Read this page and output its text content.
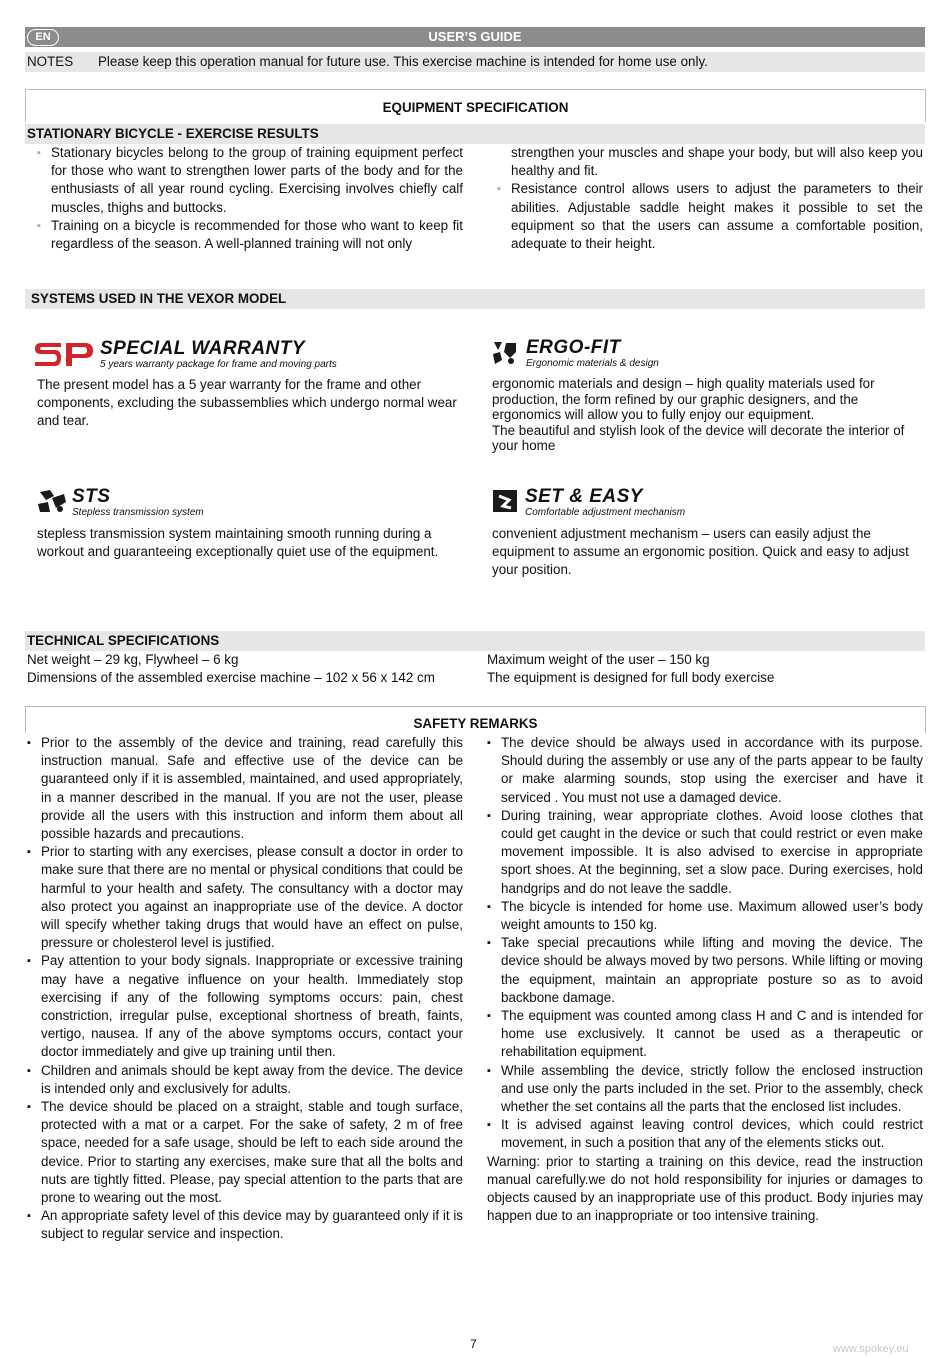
EN	USER’S GUIDE
NOTES Please keep this operation manual for future use. This exercise machine is intended for home use only.
EQUIPMENT SPECIFICATION
STATIONARY BICYCLE - EXERCISE RESULTS
▪ Stationary bicycles belong to the group of training equipment perfect for those who want to strengthen lower parts of the body and for the enthusiasts of all year round cycling. Exercising involves chiefly calf muscles, thighs and buttocks.
▪ Training on a bicycle is recommended for those who want to keep fit regardless of the season. A well-planned training will not only
strengthen your muscles and shape your body, but will also keep you healthy and fit.
▪ Resistance control allows users to adjust the parameters to their abilities. Adjustable saddle height makes it possible to set the equipment so that the users can assume a comfortable position, adequate to their height.
SYSTEMS USED IN THE VEXOR MODEL
SPECIAL WARRANTY
5 years warranty package for frame and moving parts
The present model has a 5 year warranty for the frame and other components, excluding the subassemblies which undergo normal wear and tear.
ERGO-FIT
Ergonomic materials & design
ergonomic materials and design – high quality materials used for production, the form refined by our graphic designers, and the ergonomics will allow you to fully enjoy our equipment.
The beautiful and stylish look of the device will decorate the interior of your home
STS
Stepless transmission system
stepless transmission system maintaining smooth running during a workout and guaranteeing exceptionally quiet use of the equipment.
SET & EASY
Comfortable adjustment mechanism
convenient adjustment mechanism – users can easily adjust the equipment to assume an ergonomic position. Quick and easy to adjust your position.
TECHNICAL SPECIFICATIONS
Net weight – 29 kg, Flywheel – 6 kg
Dimensions of the assembled exercise machine – 102 x 56 x 142 cm
Maximum weight of the user – 150 kg
The equipment is designed for full body exercise
SAFETY REMARKS
▪ Prior to the assembly of the device and training, read carefully this instruction manual. Safe and effective use of the device can be guaranteed only if it is assembled, maintained, and used appropriately, in a manner described in the manual. If you are not the user, please provide all the users with this instruction and inform them about all possible hazards and precautions.
▪ Prior to starting with any exercises, please consult a doctor in order to make sure that there are no mental or physical conditions that could be harmful to your health and safety. The consultancy with a doctor may also protect you against an inappropriate use of the device. A doctor will specify whether taking drugs that would have an effect on pulse, pressure or cholesterol level is justified.
▪ Pay attention to your body signals. Inappropriate or excessive training may have a negative influence on your health. Immediately stop exercising if any of the following symptoms occurs: pain, chest constriction, irregular pulse, exceptional shortness of breath, faints, vertigo, nausea. If any of the above symptoms occurs, contact your doctor immediately and give up training until then.
▪ Children and animals should be kept away from the device. The device is intended only and exclusively for adults.
▪ The device should be placed on a straight, stable and tough surface, protected with a mat or a carpet. For the sake of safety, 2 m of free space, needed for a safe usage, should be left to each side around the device. Prior to starting any exercises, make sure that all the bolts and nuts are tightly fitted. Please, pay special attention to the parts that are prone to wearing out the most.
▪ An appropriate safety level of this device may by guaranteed only if it is subject to regular service and inspection.
▪ The device should be always used in accordance with its purpose. Should during the assembly or use any of the parts appear to be faulty or make alarming sounds, stop using the exerciser and have it serviced . You must not use a damaged device.
▪ During training, wear appropriate clothes. Avoid loose clothes that could get caught in the device or such that could restrict or even make movement impossible. It is also advised to exercise in appropriate sport shoes. At the beginning, set a slow pace. During exercises, hold handgrips and do not leave the saddle.
▪ The bicycle is intended for home use. Maximum allowed user’s body weight amounts to 150 kg.
▪ Take special precautions while lifting and moving the device. The device should be always moved by two persons. While lifting or moving the equipment, maintain an appropriate posture so as to avoid backbone damage.
▪ The equipment was counted among class H and C and is intended for home use exclusively. It cannot be used as a therapeutic or rehabilitation equipment.
▪ While assembling the device, strictly follow the enclosed instruction and use only the parts included in the set. Prior to the assembly, check whether the set contains all the parts that the enclosed list includes.
▪ It is advised against leaving control devices, which could restrict movement, in such a position that any of the elements sticks out.
Warning: prior to starting a training on this device, read the instruction manual carefully.we do not hold responsibility for injuries or damages to objects caused by an inappropriate use of this product. Body injuries may happen due to an inappropriate or too intensive training.
7	www.spokey.eu
